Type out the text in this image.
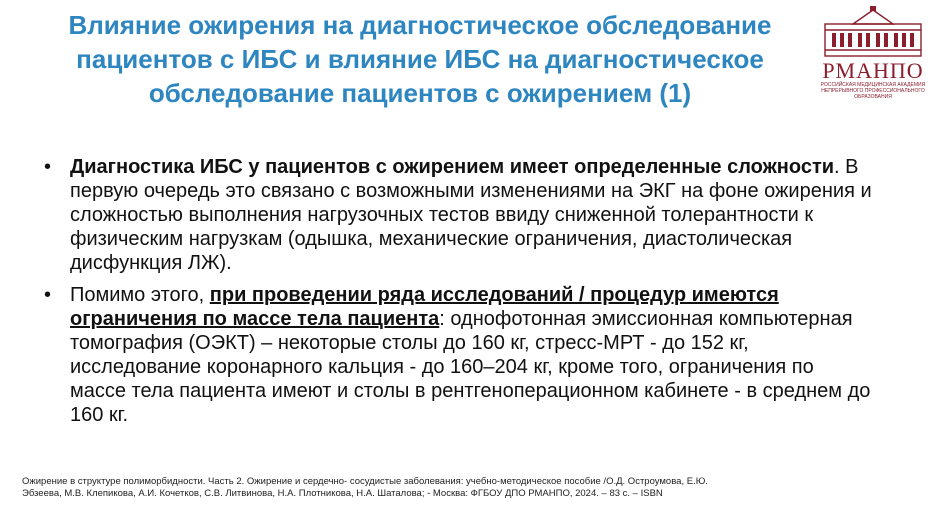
Влияние ожирения на диагностическое обследование
пациентов с ИБС и влияние ИБС на диагностическое
обследование пациентов с ожирением (1)
РМАНПО
РОССИЙСКАЯ МЕДИЦИНСКАЯ АКАДЕМИЯ
НЕПРЕРЫВНОГО ПРОФЕССИОНАЛЬНОГО ОБРАЗОВАНИЯ
• Диагностика ИБС у пациентов с ожирением имеет определенные сложности. В первую очередь это связано с возможными изменениями на ЭКГ на фоне ожирения и сложностью выполнения нагрузочных тестов ввиду сниженной толерантности к физическим нагрузкам (одышка, механические ограничения, диастолическая дисфункция ЛЖ).
• Помимо этого, при проведении ряда исследований / процедур имеются ограничения по массе тела пациента: однофотонная эмиссионная компьютерная томография (ОЭКТ) – некоторые столы до 160 кг, стресс-МРТ - до 152 кг, исследование коронарного кальция - до 160–204 кг, кроме того, ограничения по массе тела пациента имеют и столы в рентгеноперационном кабинете - в среднем до 160 кг.
Ожирение в структуре полиморбидности. Часть 2. Ожирение и сердечно- сосудистые заболевания: учебно-методическое пособие /О.Д. Остроумова, Е.Ю.
Эбзеева, М.В. Клепикова, А.И. Кочетков, С.В. Литвинова, Н.А. Плотникова, Н.А. Шаталова; - Москва: ФГБОУ ДПО РМАНПО, 2024. – 83 с. – ISBN
